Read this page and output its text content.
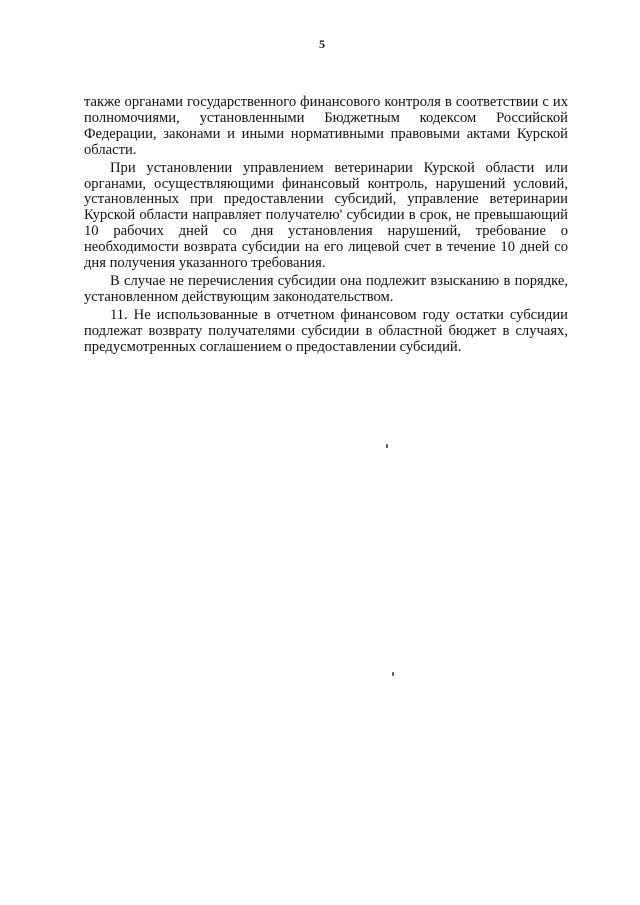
5

также органами государственного финансового контроля в соответствии с их полномочиями, установленными Бюджетным кодексом Российской Федерации, законами и иными нормативными правовыми актами Курской области.

При установлении управлением ветеринарии Курской области или органами, осуществляющими финансовый контроль, нарушений условий, установленных при предоставлении субсидий, управление ветеринарии Курской области направляет получателю' субсидии в срок, не превышающий 10 рабочих дней со дня установления нарушений, требование о необходимости возврата субсидии на его лицевой счет в течение 10 дней со дня получения указанного требования.

В случае не перечисления субсидии она подлежит взысканию в порядке, установленном действующим законодательством.

11. Не использованные в отчетном финансовом году остатки субсидии подлежат возврату получателями субсидии в областной бюджет в случаях, предусмотренных соглашением о предоставлении субсидий.
